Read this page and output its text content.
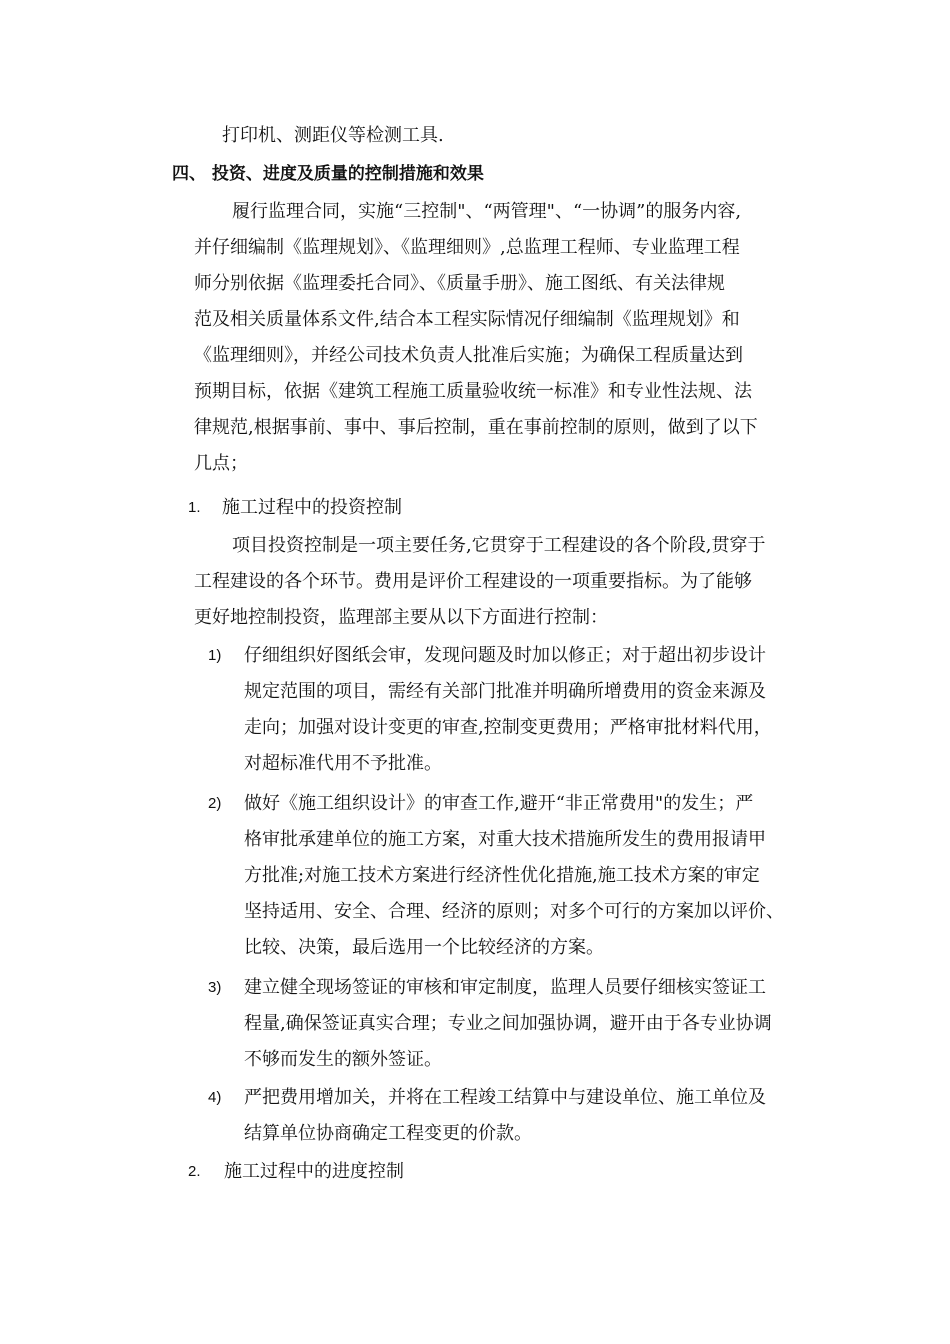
打印机、测距仪等检测工具.
四、 投资、进度及质量的控制措施和效果
履行监理合同，实施“三控制"、“两管理"、“一协调”的服务内容,
并仔细编制《监理规划》、《监理细则》,总监理工程师、专业监理工程
师分别依据《监理委托合同》、《质量手册》、施工图纸、有关法律规
范及相关质量体系文件,结合本工程实际情况仔细编制《监理规划》和
《监理细则》，并经公司技术负责人批准后实施；为确保工程质量达到
预期目标，依据《建筑工程施工质量验收统一标准》和专业性法规、法
律规范,根据事前、事中、事后控制，重在事前控制的原则，做到了以下
几点；
1. 施工过程中的投资控制
项目投资控制是一项主要任务,它贯穿于工程建设的各个阶段,贯穿于
工程建设的各个环节。费用是评价工程建设的一项重要指标。为了能够
更好地控制投资，监理部主要从以下方面进行控制：
1) 仔细组织好图纸会审，发现问题及时加以修正；对于超出初步设计
规定范围的项目，需经有关部门批准并明确所增费用的资金来源及
走向；加强对设计变更的审查,控制变更费用；严格审批材料代用，
对超标准代用不予批准。
2) 做好《施工组织设计》的审查工作,避开“非正常费用"的发生；严
格审批承建单位的施工方案，对重大技术措施所发生的费用报请甲
方批准;对施工技术方案进行经济性优化措施,施工技术方案的审定
坚持适用、安全、合理、经济的原则；对多个可行的方案加以评价、
比较、决策，最后选用一个比较经济的方案。
3) 建立健全现场签证的审核和审定制度，监理人员要仔细核实签证工
程量,确保签证真实合理；专业之间加强协调，避开由于各专业协调
不够而发生的额外签证。
4) 严把费用增加关，并将在工程竣工结算中与建设单位、施工单位及
结算单位协商确定工程变更的价款。
2. 施工过程中的进度控制
